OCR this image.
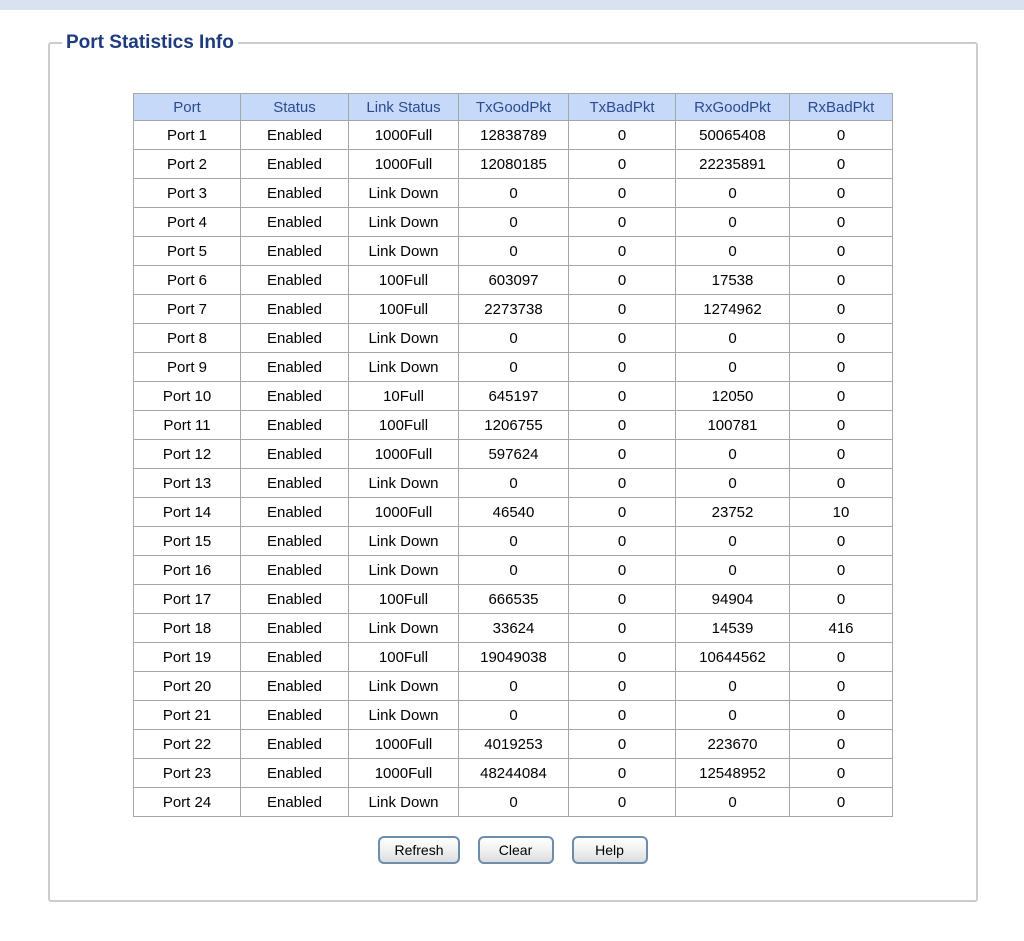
Port Statistics Info
Port	Status	Link Status	TxGoodPkt	TxBadPkt	RxGoodPkt	RxBadPkt
Port 1	Enabled	1000Full	12838789	0	50065408	0
Port 2	Enabled	1000Full	12080185	0	22235891	0
Port 3	Enabled	Link Down	0	0	0	0
Port 4	Enabled	Link Down	0	0	0	0
Port 5	Enabled	Link Down	0	0	0	0
Port 6	Enabled	100Full	603097	0	17538	0
Port 7	Enabled	100Full	2273738	0	1274962	0
Port 8	Enabled	Link Down	0	0	0	0
Port 9	Enabled	Link Down	0	0	0	0
Port 10	Enabled	10Full	645197	0	12050	0
Port 11	Enabled	100Full	1206755	0	100781	0
Port 12	Enabled	1000Full	597624	0	0	0
Port 13	Enabled	Link Down	0	0	0	0
Port 14	Enabled	1000Full	46540	0	23752	10
Port 15	Enabled	Link Down	0	0	0	0
Port 16	Enabled	Link Down	0	0	0	0
Port 17	Enabled	100Full	666535	0	94904	0
Port 18	Enabled	Link Down	33624	0	14539	416
Port 19	Enabled	100Full	19049038	0	10644562	0
Port 20	Enabled	Link Down	0	0	0	0
Port 21	Enabled	Link Down	0	0	0	0
Port 22	Enabled	1000Full	4019253	0	223670	0
Port 23	Enabled	1000Full	48244084	0	12548952	0
Port 24	Enabled	Link Down	0	0	0	0
Refresh	Clear	Help
